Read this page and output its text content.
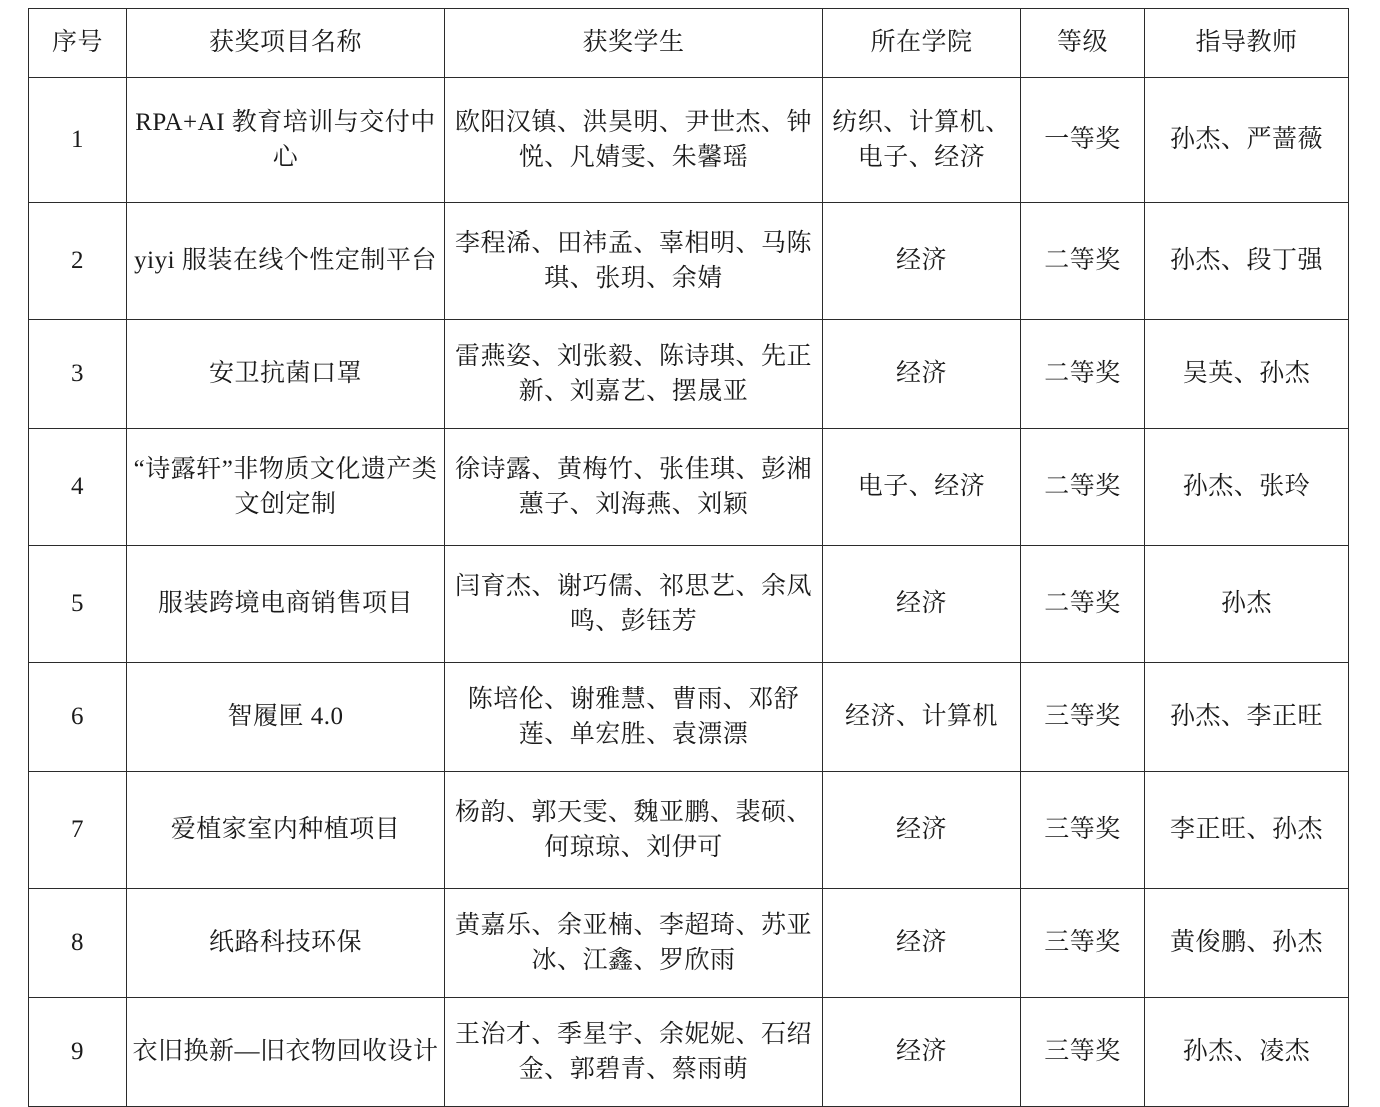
序号	获奖项目名称	获奖学生	所在学院	等级	指导教师
1	RPA+AI 教育培训与交付中心	欧阳汉镇、洪昊明、尹世杰、钟悦、凡婧雯、朱馨瑶	纺织、计算机、电子、经济	一等奖	孙杰、严蔷薇
2	yiyi 服装在线个性定制平台	李程浠、田祎孟、辜相明、马陈琪、张玥、余婧	经济	二等奖	孙杰、段丁强
3	安卫抗菌口罩	雷燕姿、刘张毅、陈诗琪、先正新、刘嘉艺、摆晟亚	经济	二等奖	吴英、孙杰
4	“诗露轩”非物质文化遗产类文创定制	徐诗露、黄梅竹、张佳琪、彭湘蕙子、刘海燕、刘颖	电子、经济	二等奖	孙杰、张玲
5	服装跨境电商销售项目	闫育杰、谢巧儒、祁思艺、余凤鸣、彭钰芳	经济	二等奖	孙杰
6	智履匣 4.0	陈培伦、谢雅慧、曹雨、邓舒莲、单宏胜、袁漂漂	经济、计算机	三等奖	孙杰、李正旺
7	爱植家室内种植项目	杨韵、郭天雯、魏亚鹏、裴硕、何琼琼、刘伊可	经济	三等奖	李正旺、孙杰
8	纸路科技环保	黄嘉乐、余亚楠、李超琦、苏亚冰、江鑫、罗欣雨	经济	三等奖	黄俊鹏、孙杰
9	衣旧换新—旧衣物回收设计	王治才、季星宇、余妮妮、石绍金、郭碧青、蔡雨萌	经济	三等奖	孙杰、凌杰
